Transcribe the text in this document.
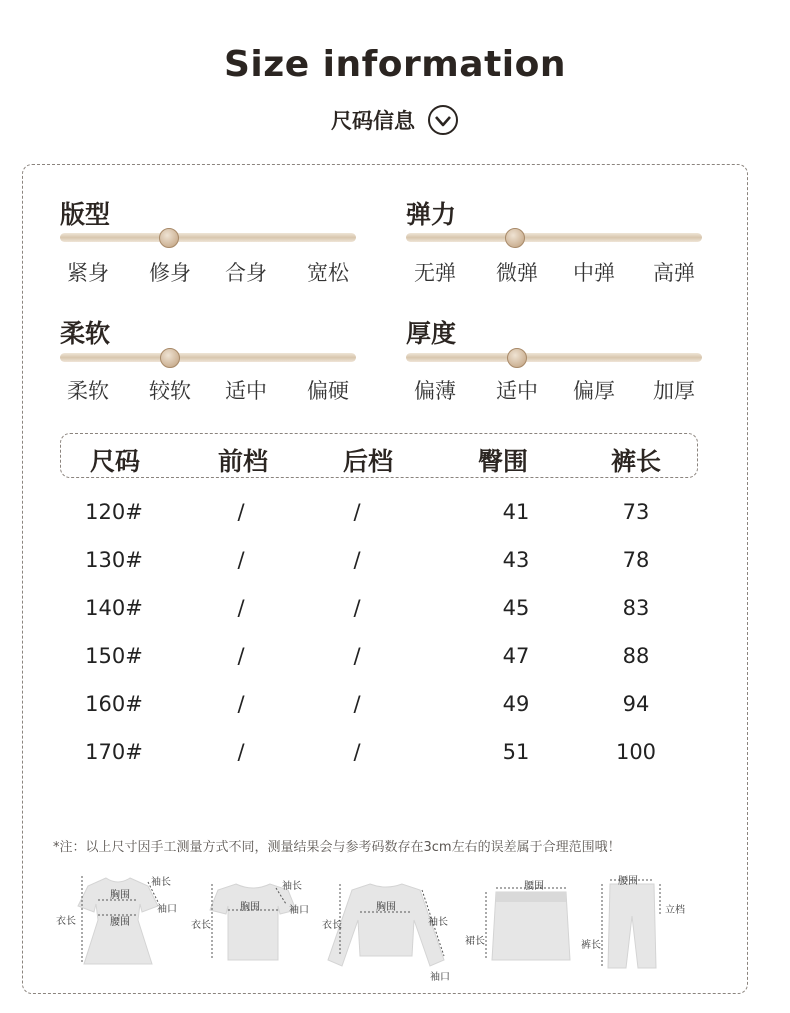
Size information
尺码信息
版型
紧身 修身 合身 宽松
弹力
无弹 微弹 中弹 高弹
柔软
柔软 较软 适中 偏硬
厚度
偏薄 适中 偏厚 加厚
尺码	前档	后档	臀围	裤长
120#	/	/	41	73
130#	/	/	43	78
140#	/	/	45	83
150#	/	/	47	88
160#	/	/	49	94
170#	/	/	51	100
*注：以上尺寸因手工测量方式不同，测量结果会与参考码数存在3cm左右的误差属于合理范围哦！
衣长
胸围
腰围
袖长
袖口
衣长
胸围
袖长
袖口
衣长
胸围
袖长
袖口
腰围
裙长
腰围
立档
裤长
